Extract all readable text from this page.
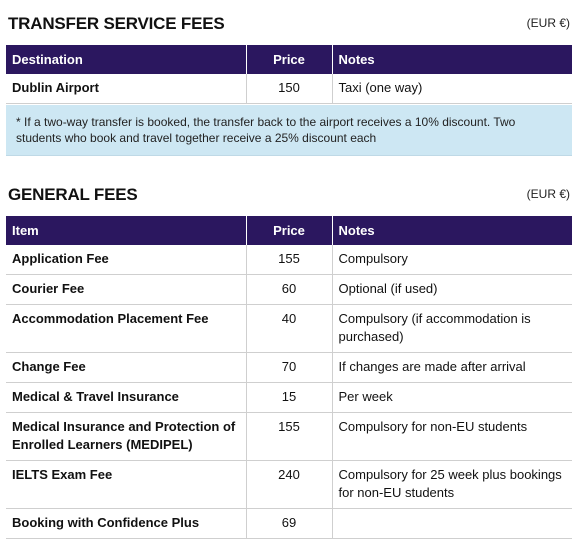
TRANSFER SERVICE FEES	(EUR €)
Destination	Price	Notes
Dublin Airport	150	Taxi (one way)
* If a two-way transfer is booked, the transfer back to the airport receives a 10% discount. Two students who book and travel together receive a 25% discount each
GENERAL FEES	(EUR €)
Item	Price	Notes
Application Fee	155	Compulsory
Courier Fee	60	Optional (if used)
Accommodation Placement Fee	40	Compulsory (if accommodation is purchased)
Change Fee	70	If changes are made after arrival
Medical & Travel Insurance	15	Per week
Medical Insurance and Protection of Enrolled Learners (MEDIPEL)	155	Compulsory for non-EU students
IELTS Exam Fee	240	Compulsory for 25 week plus bookings for non-EU students
Booking with Confidence Plus	69	
